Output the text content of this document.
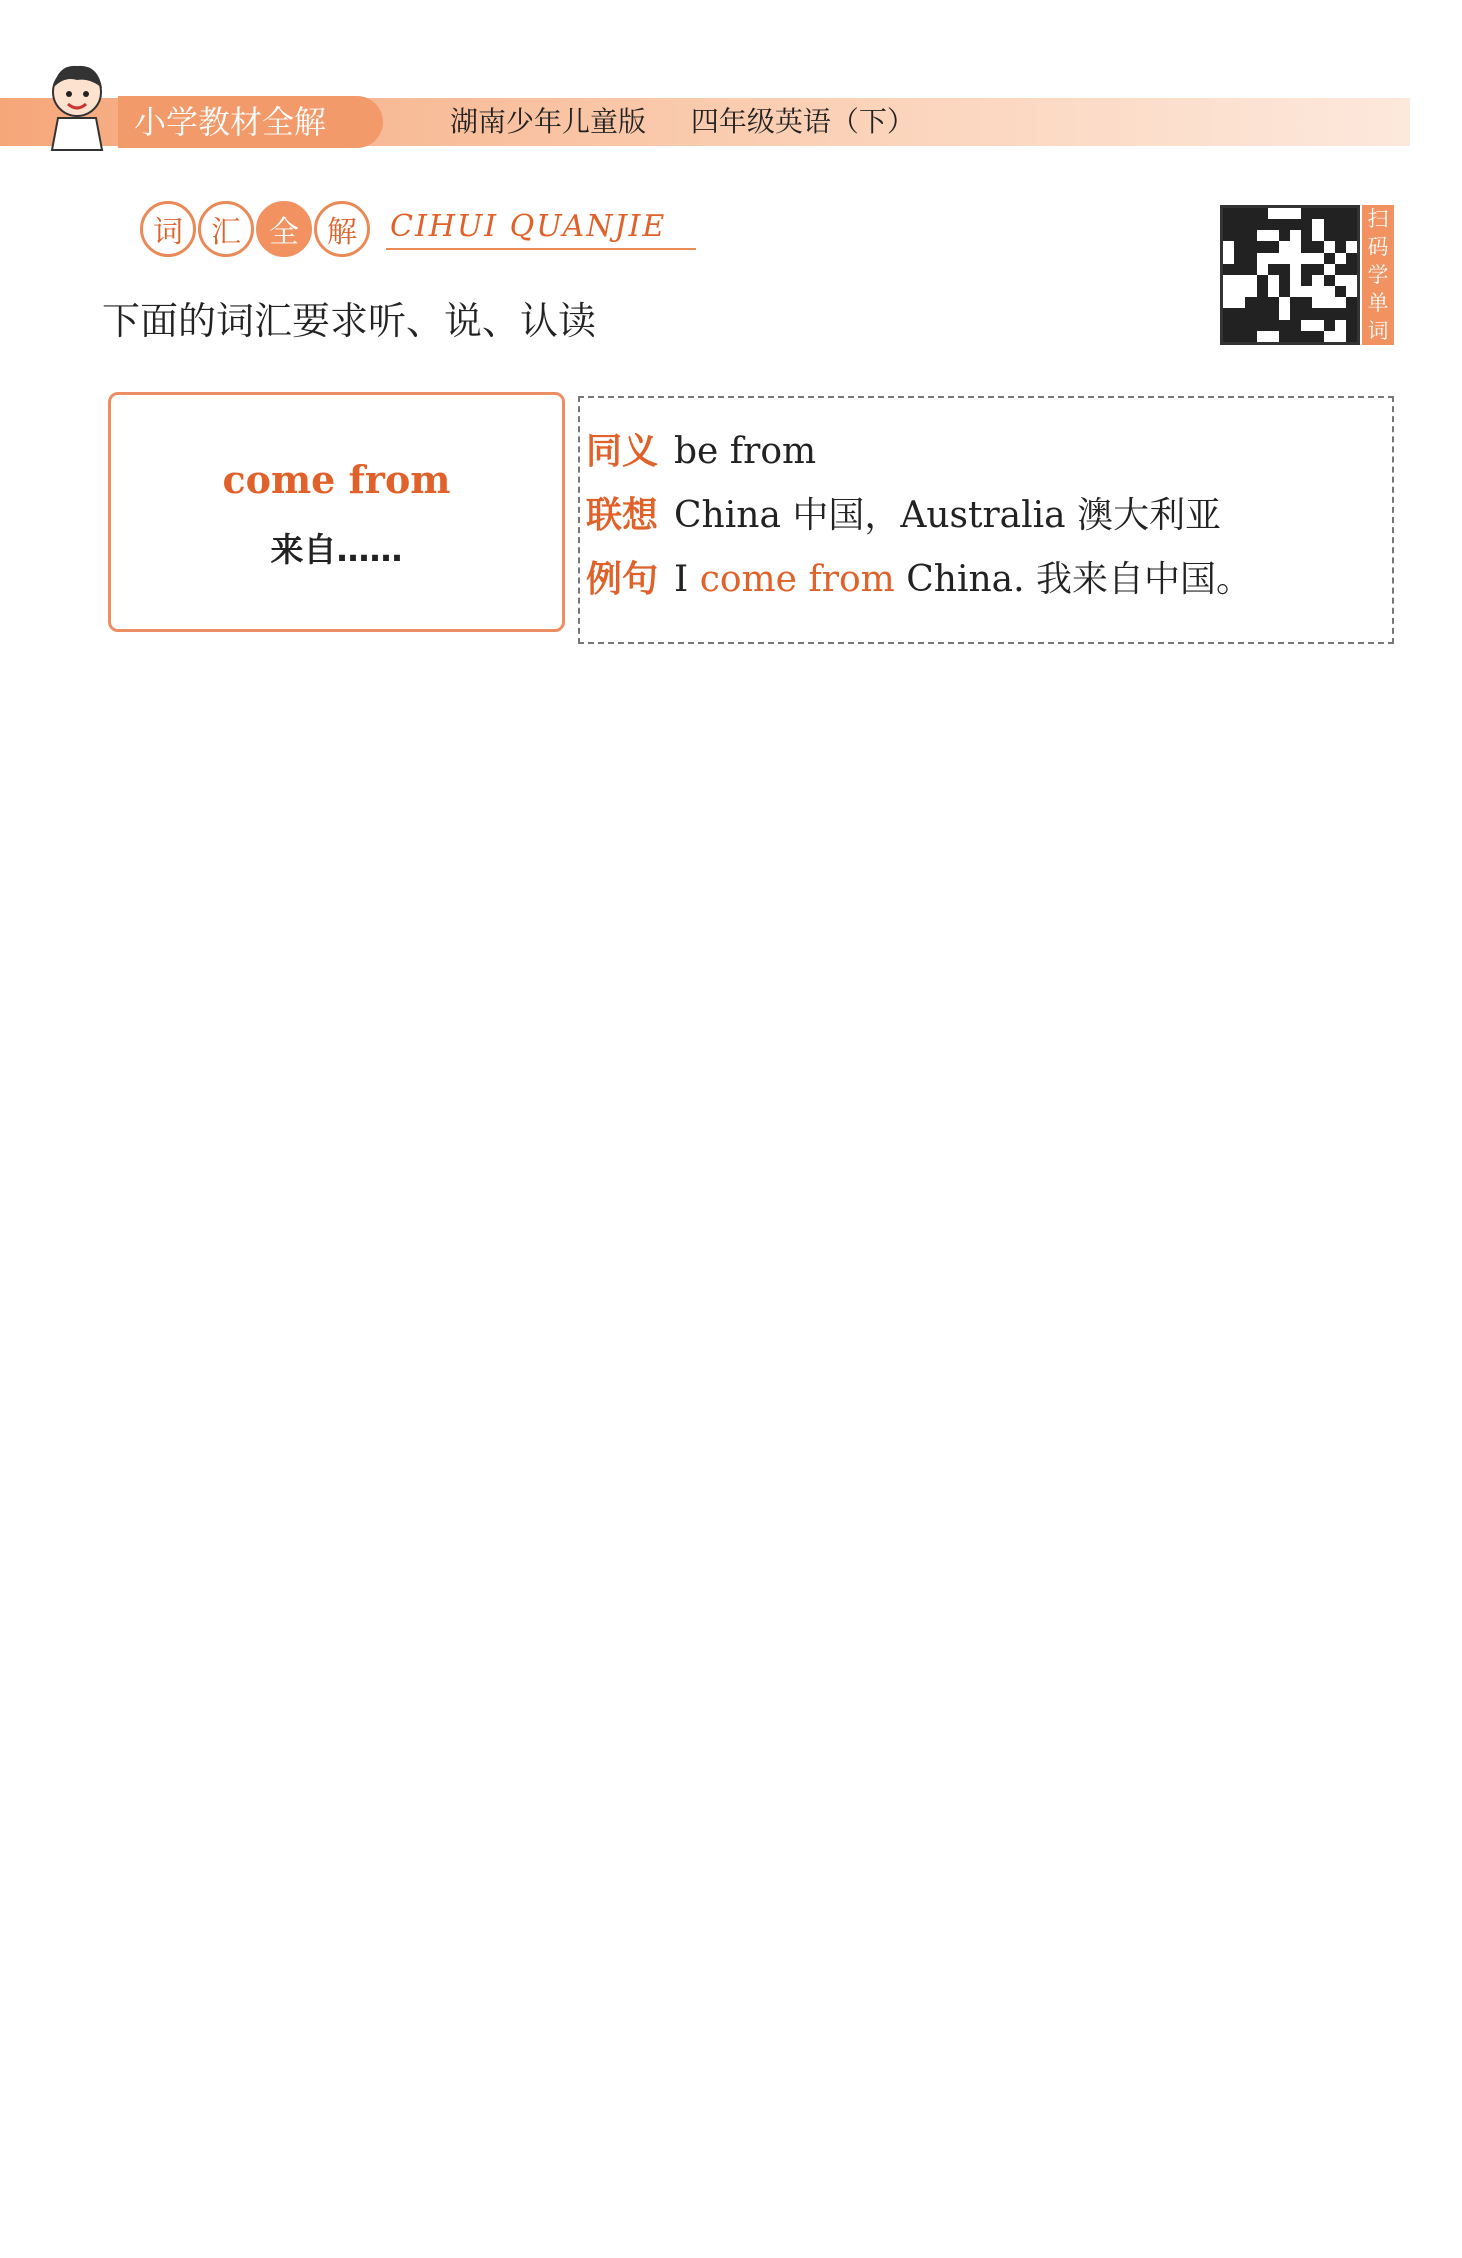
小学教材全解	湖南少年儿童版 四年级英语（下）
词 汇 全 解	CIHUI QUANJIE
下面的词汇要求听、说、认读
扫码学单词
come from
来自……
同义 be from
联想 China 中国，Australia 澳大利亚
例句 I come from China. 我来自中国。
